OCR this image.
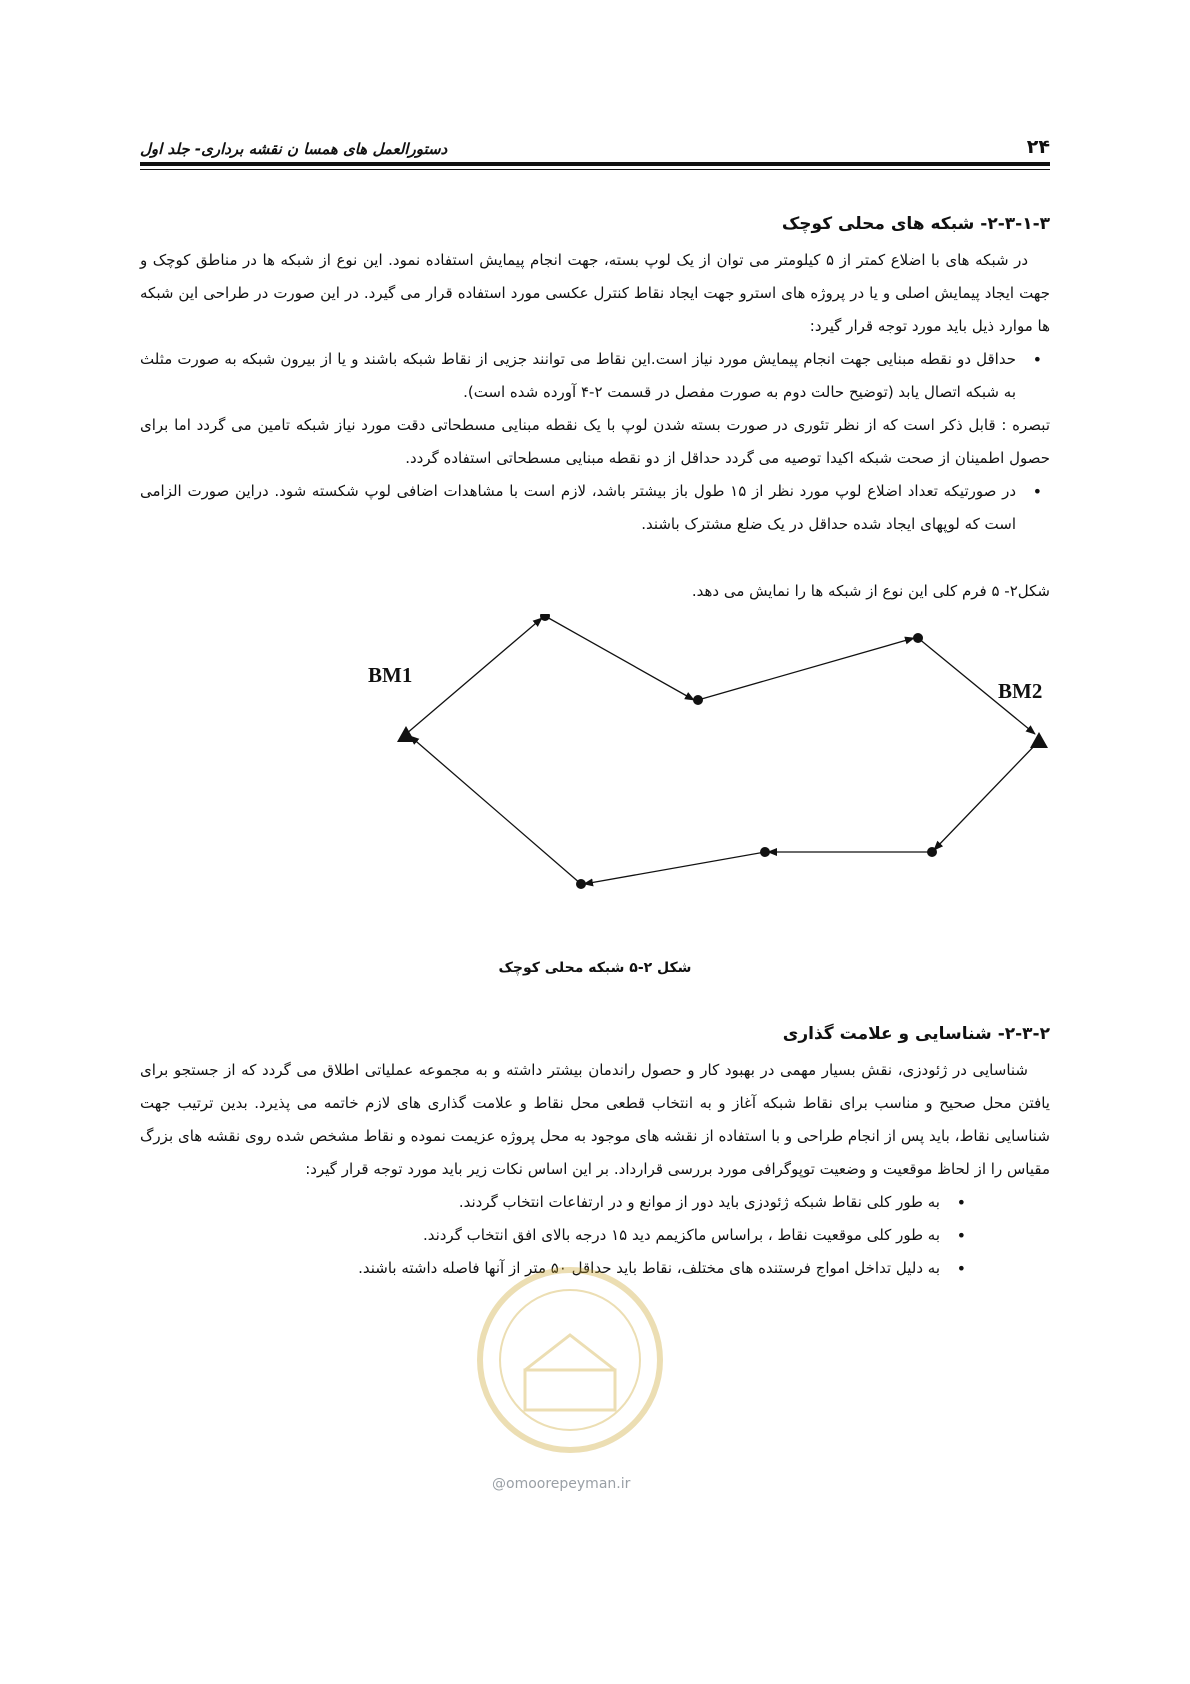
۲۴
دستورالعمل های همسا ن نقشه برداری- جلد اول
۲-۳-۱-۳- شبکه های محلی کوچک

در شبکه های با اضلاع کمتر از ۵ کیلومتر می توان از یک لوپ بسته، جهت انجام پیمایش استفاده نمود. این نوع از شبکه ها در مناطق کوچک و جهت ایجاد پیمایش اصلی و یا در پروژه های استرو جهت ایجاد نقاط کنترل عکسی مورد استفاده قرار می گیرد. در این صورت در طراحی این شبکه ها موارد ذیل باید مورد توجه قرار گیرد:

• حداقل دو نقطه مبنایی جهت انجام پیمایش مورد نیاز است.این نقاط می توانند جزیی از نقاط شبکه باشند و یا از بیرون شبکه به صورت مثلث به شبکه اتصال یابد (توضیح حالت دوم به صورت مفصل در قسمت ۲-۴ آورده شده است).

تبصره : قابل ذکر است که از نظر تئوری در صورت بسته شدن لوپ با یک نقطه مبنایی مسطحاتی دقت مورد نیاز شبکه تامین می گردد اما برای حصول اطمینان از صحت شبکه اکیدا توصیه می گردد حداقل از دو نقطه مبنایی مسطحاتی استفاده گردد.

• در صورتیکه تعداد اضلاع لوپ مورد نظر از ۱۵ طول باز بیشتر باشد، لازم است با مشاهدات اضافی لوپ شکسته شود. دراین صورت الزامی است که لوپهای ایجاد شده حداقل در یک ضلع مشترک باشند.

شکل۲- ۵ فرم کلی این نوع از شبکه ها را نمایش می دهد.

BM1
BM2
شکل ۲-۵ شبکه محلی کوچک
۲-۳-۲- شناسایی و علامت گذاری

شناسایی در ژئودزی، نقش بسیار مهمی در بهبود کار و حصول راندمان بیشتر داشته و به مجموعه عملیاتی اطلاق می گردد که از جستجو برای یافتن محل صحیح و مناسب برای نقاط شبکه آغاز و به انتخاب قطعی محل نقاط و علامت گذاری های لازم خاتمه می پذیرد. بدین ترتیب جهت شناسایی نقاط، باید پس از انجام طراحی و با استفاده از نقشه های موجود به محل پروژه عزیمت نموده و نقاط مشخص شده روی نقشه های بزرگ مقیاس را از لحاظ موقعیت و وضعیت توپوگرافی مورد بررسی قرارداد. بر این اساس نکات زیر باید مورد توجه قرار گیرد:

• به طور کلی نقاط شبکه ژئودزی باید دور از موانع و در ارتفاعات انتخاب گردند.
• به طور کلی موقعیت نقاط ، براساس ماکزیمم دید ۱۵ درجه بالای افق انتخاب گردند.
• به دلیل تداخل امواج فرستنده های مختلف، نقاط باید حداقل ۵۰ متر از آنها فاصله داشته باشند.
@omoorepeyman.ir
